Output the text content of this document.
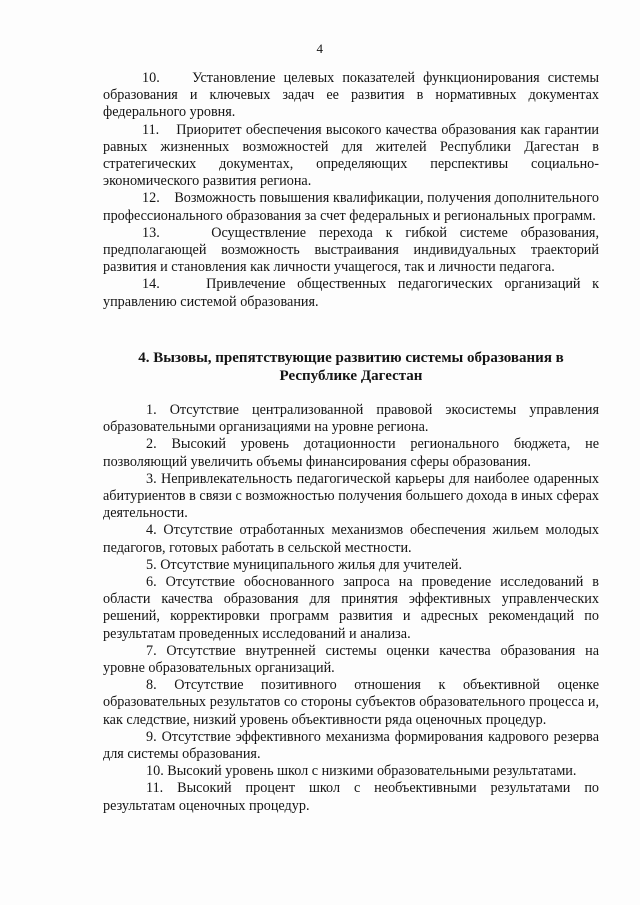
4

10. Установление целевых показателей функционирования системы образования и ключевых задач ее развития в нормативных документах федерального уровня.

11. Приоритет обеспечения высокого качества образования как гарантии равных жизненных возможностей для жителей Республики Дагестан в стратегических документах, определяющих перспективы социально-экономического развития региона.

12. Возможность повышения квалификации, получения дополнительного профессионального образования за счет федеральных и региональных программ.

13.	Осуществление перехода к гибкой системе образования, предполагающей возможность выстраивания индивидуальных траекторий развития и становления как личности учащегося, так и личности педагога.

14.	Привлечение общественных педагогических организаций к управлению системой образования.

4. Вызовы, препятствующие развитию системы образования в
Республике Дагестан

1. Отсутствие централизованной правовой экосистемы управления образовательными организациями на уровне региона.

2. Высокий уровень дотационности регионального бюджета, не позволяющий увеличить объемы финансирования сферы образования.

3. Непривлекательность педагогической карьеры для наиболее одаренных абитуриентов в связи с возможностью получения большего дохода в иных сферах деятельности.

4. Отсутствие отработанных механизмов обеспечения жильем молодых педагогов, готовых работать в сельской местности.

5. Отсутствие муниципального жилья для учителей.

6. Отсутствие обоснованного запроса на проведение исследований в области качества образования для принятия эффективных управленческих решений, корректировки программ развития и адресных рекомендаций по результатам проведенных исследований и анализа.

7. Отсутствие внутренней системы оценки качества образования на уровне образовательных организаций.

8. Отсутствие позитивного отношения к объективной оценке образовательных результатов со стороны субъектов образовательного процесса и, как следствие, низкий уровень объективности ряда оценочных процедур.

9. Отсутствие эффективного механизма формирования кадрового резерва для системы образования.

10. Высокий уровень школ с низкими образовательными результатами.

11. Высокий процент школ с необъективными результатами по результатам оценочных процедур.
